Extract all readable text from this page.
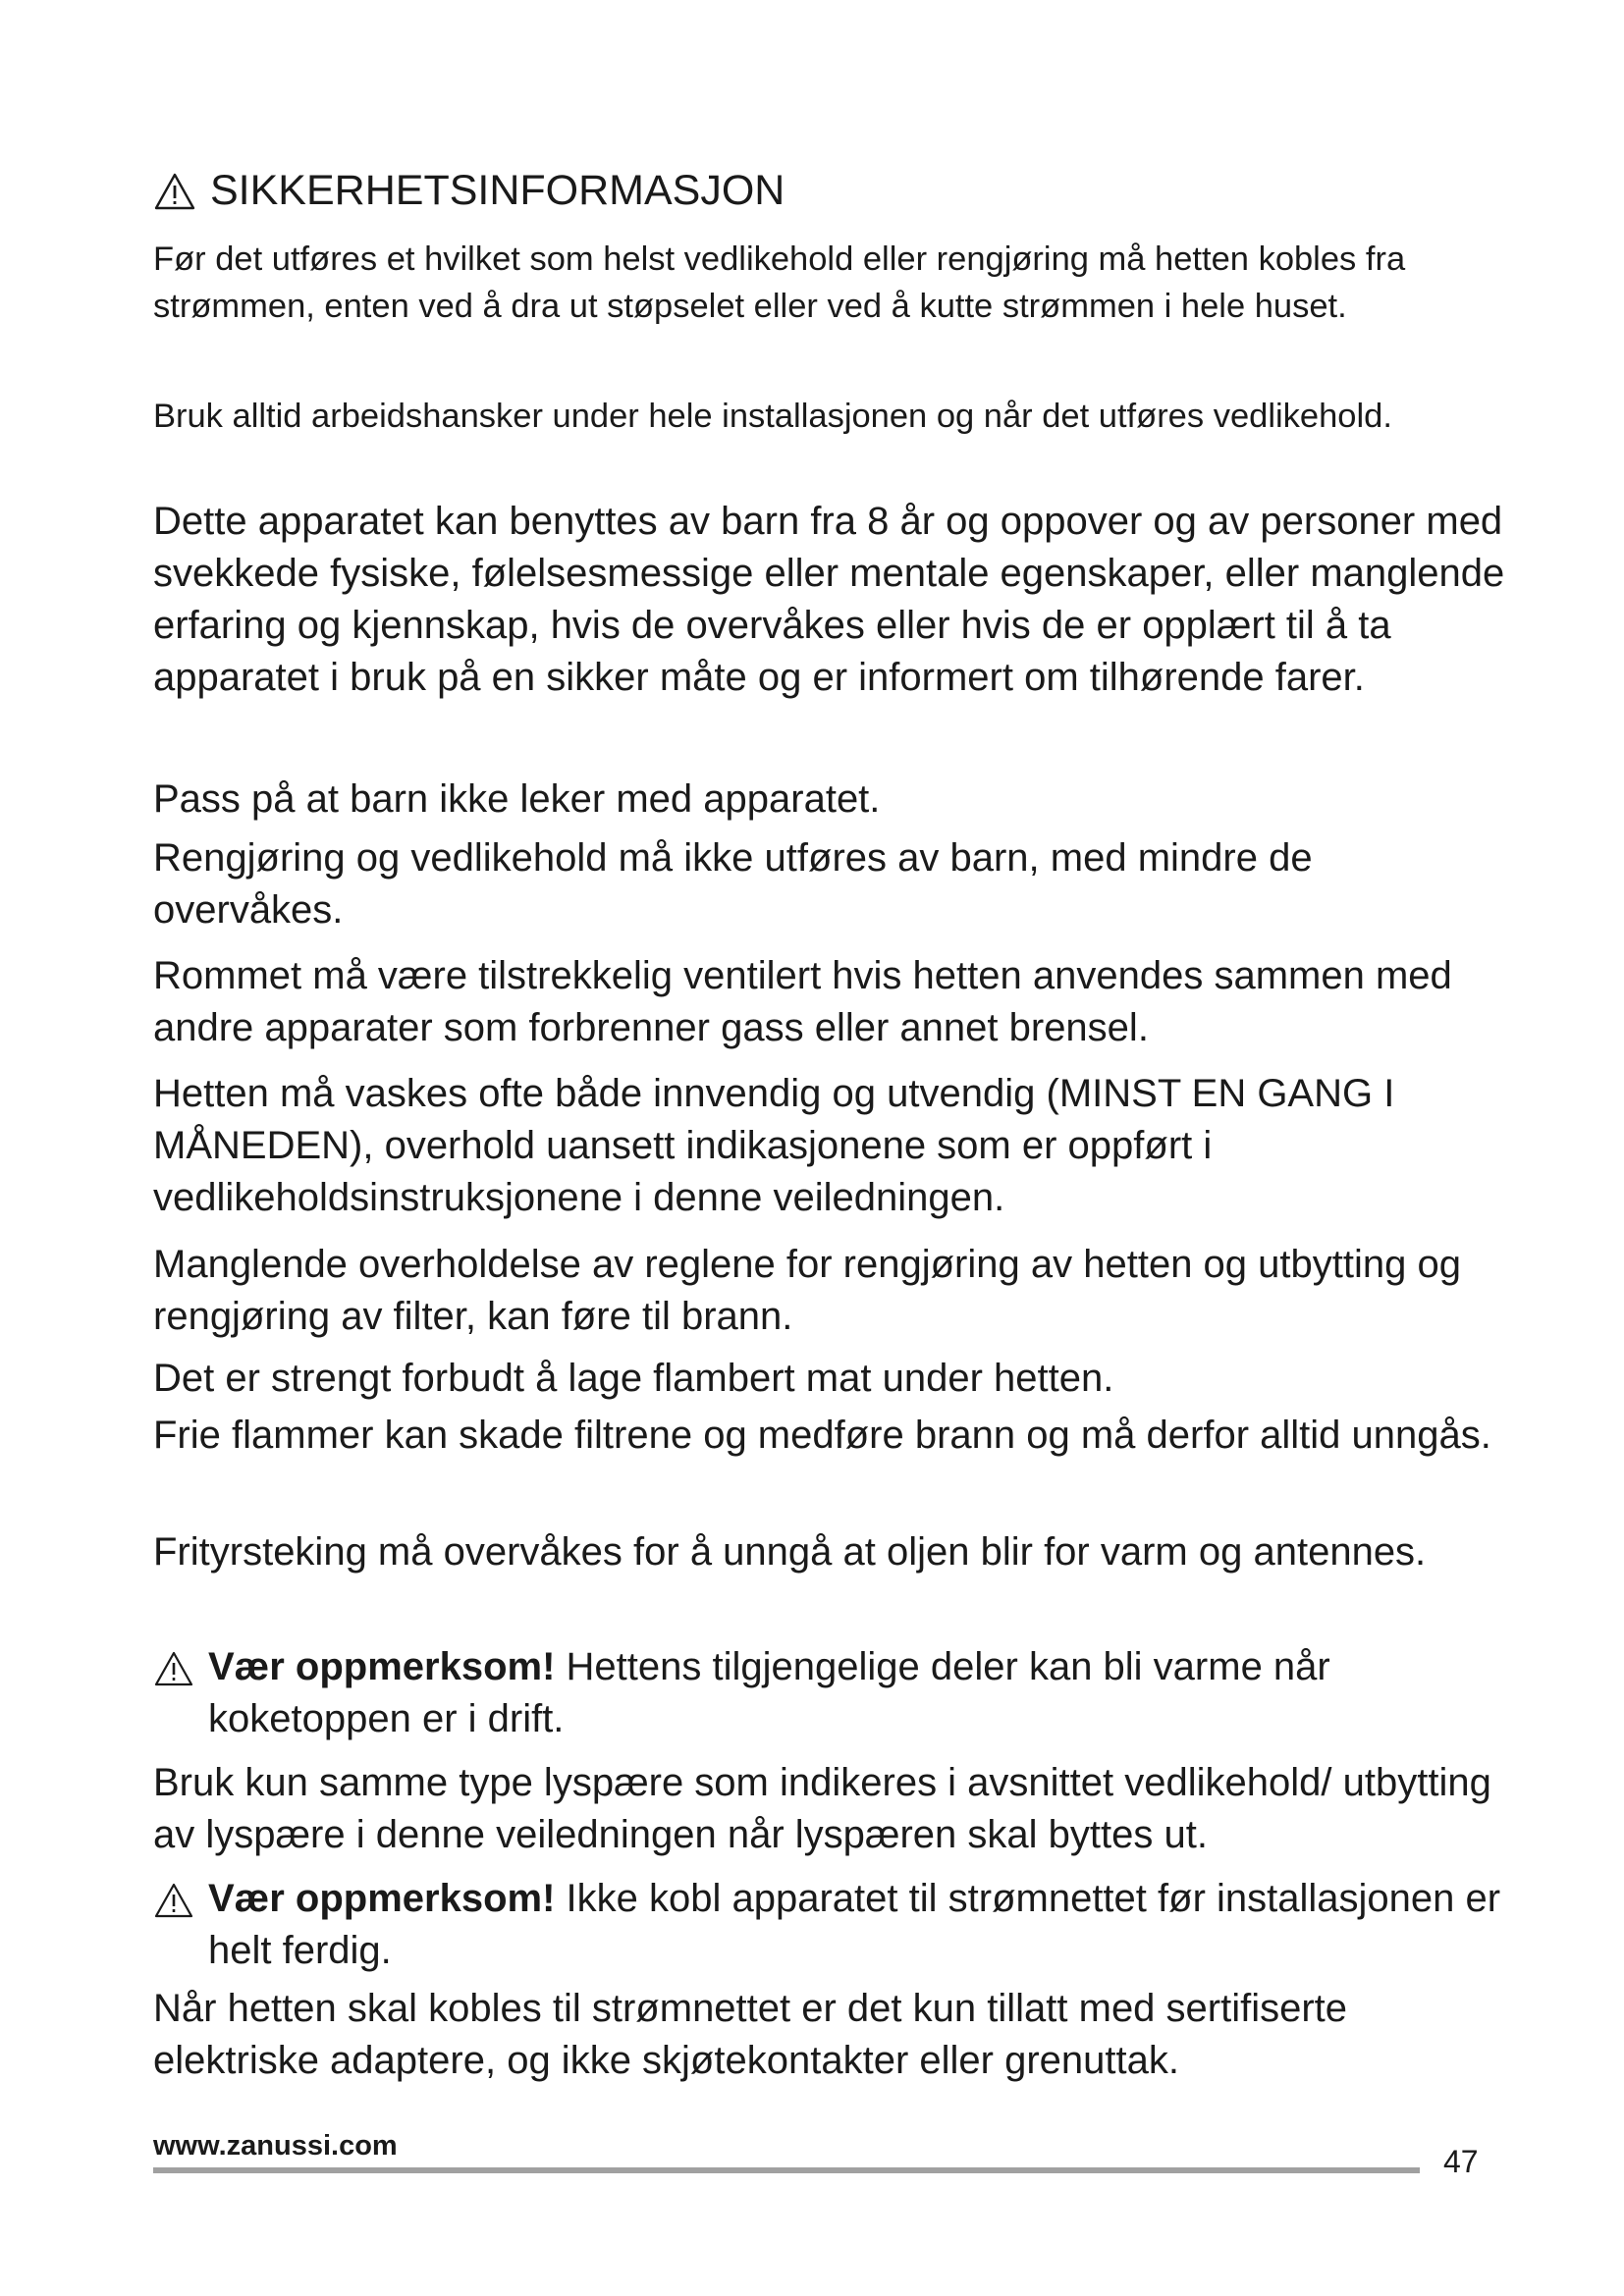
SIKKERHETSINFORMASJON

Før det utføres et hvilket som helst vedlikehold eller rengjøring må hetten kobles fra strømmen, enten ved å dra ut støpselet eller ved å kutte strømmen i hele huset.

Bruk alltid arbeidshansker under hele installasjonen og når det utføres vedlikehold.

Dette apparatet kan benyttes av barn fra 8 år og oppover og av personer med svekkede fysiske, følelsesmessige eller mentale egenskaper, eller manglende erfaring og kjennskap, hvis de overvåkes eller hvis de er opplært til å ta apparatet i bruk på en sikker måte og er informert om tilhørende farer.

Pass på at barn ikke leker med apparatet.

Rengjøring og vedlikehold må ikke utføres av barn, med mindre de overvåkes.

Rommet må være tilstrekkelig ventilert hvis hetten anvendes sammen med andre apparater som forbrenner gass eller annet brensel.

Hetten må vaskes ofte både innvendig og utvendig (MINST EN GANG I MÅNEDEN), overhold uansett indikasjonene som er oppført i vedlikeholdsinstruksjonene i denne veiledningen.

Manglende overholdelse av reglene for rengjøring av hetten og utbytting og rengjøring av filter, kan føre til brann.

Det er strengt forbudt å lage flambert mat under hetten.

Frie flammer kan skade filtrene og medføre brann og må derfor alltid unngås.

Frityrsteking må overvåkes for å unngå at oljen blir for varm og antennes.

Vær oppmerksom! Hettens tilgjengelige deler kan bli varme når koketoppen er i drift.

Bruk kun samme type lyspære som indikeres i avsnittet vedlikehold/ utbytting av lyspære i denne veiledningen når lyspæren skal byttes ut.

Vær oppmerksom! Ikke kobl apparatet til strømnettet før installasjonen er helt ferdig.

Når hetten skal kobles til strømnettet er det kun tillatt med sertifiserte elektriske adaptere, og ikke skjøtekontakter eller grenuttak.

www.zanussi.com	47
